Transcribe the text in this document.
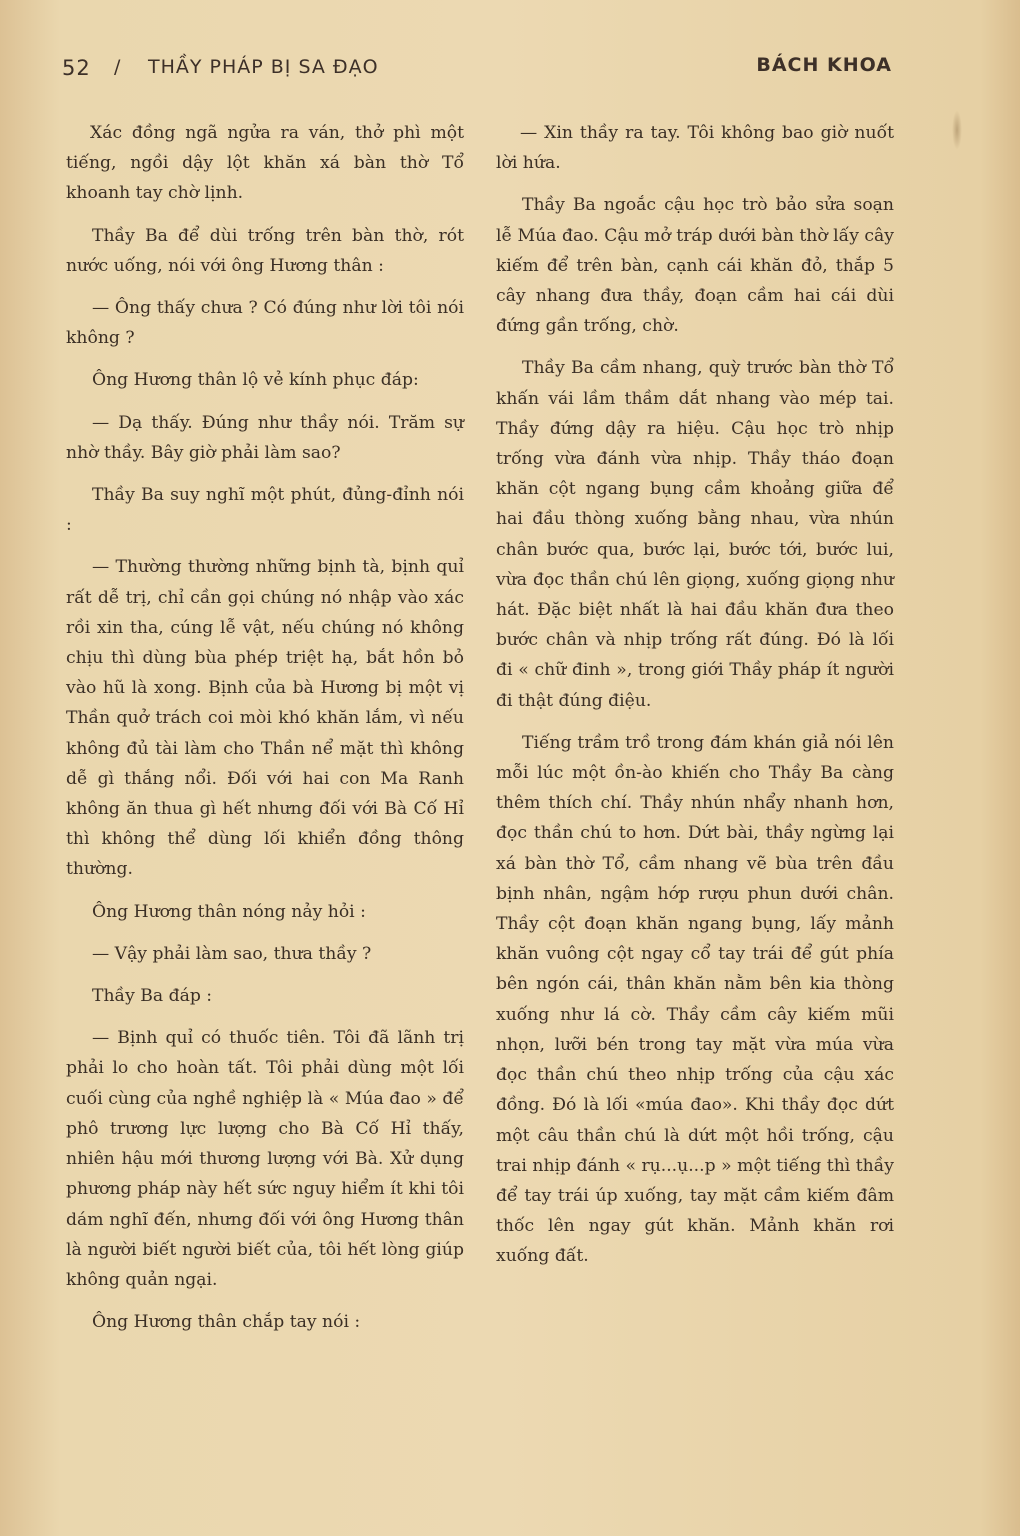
52 / THẦY PHÁP BỊ SA ĐẠO	BÁCH KHOA

Xác đồng ngã ngửa ra ván, thở phì một tiếng, ngồi dậy lột khăn xá bàn thờ Tổ khoanh tay chờ lịnh.

Thầy Ba để dùi trống trên bàn thờ, rót nước uống, nói với ông Hương thân :

— Ông thấy chưa ? Có đúng như lời tôi nói không ?

Ông Hương thân lộ vẻ kính phục đáp:

— Dạ thấy. Đúng như thầy nói. Trăm sự nhờ thầy. Bây giờ phải làm sao?

Thầy Ba suy nghĩ một phút, đủng-đỉnh nói :

— Thường thường những bịnh tà, bịnh quỉ rất dễ trị, chỉ cần gọi chúng nó nhập vào xác rồi xin tha, cúng lễ vật, nếu chúng nó không chịu thì dùng bùa phép triệt hạ, bắt hồn bỏ vào hũ là xong. Bịnh của bà Hương bị một vị Thần quở trách coi mòi khó khăn lắm, vì nếu không đủ tài làm cho Thần nể mặt thì không dễ gì thắng nổi. Đối với hai con Ma Ranh không ăn thua gì hết nhưng đối với Bà Cố Hỉ thì không thể dùng lối khiển đồng thông thường.

Ông Hương thân nóng nảy hỏi :

— Vậy phải làm sao, thưa thầy ?

Thầy Ba đáp :

— Bịnh quỉ có thuốc tiên. Tôi đã lãnh trị phải lo cho hoàn tất. Tôi phải dùng một lối cuối cùng của nghề nghiệp là « Múa đao » để phô trương lực lượng cho Bà Cố Hỉ thấy, nhiên hậu mới thương lượng với Bà. Xử dụng phương pháp này hết sức nguy hiểm ít khi tôi dám nghĩ đến, nhưng đối với ông Hương thân là người biết người biết của, tôi hết lòng giúp không quản ngại.

Ông Hương thân chắp tay nói :

— Xin thầy ra tay. Tôi không bao giờ nuốt lời hứa.

Thầy Ba ngoắc cậu học trò bảo sửa soạn lễ Múa đao. Cậu mở tráp dưới bàn thờ lấy cây kiếm để trên bàn, cạnh cái khăn đỏ, thắp 5 cây nhang đưa thầy, đoạn cầm hai cái dùi đứng gần trống, chờ.

Thầy Ba cầm nhang, quỳ trước bàn thờ Tổ khấn vái lầm thầm dắt nhang vào mép tai. Thầy đứng dậy ra hiệu. Cậu học trò nhịp trống vừa đánh vừa nhịp. Thầy tháo đoạn khăn cột ngang bụng cầm khoảng giữa để hai đầu thòng xuống bằng nhau, vừa nhún chân bước qua, bước lại, bước tới, bước lui, vừa đọc thần chú lên giọng, xuống giọng như hát. Đặc biệt nhất là hai đầu khăn đưa theo bước chân và nhịp trống rất đúng. Đó là lối đi « chữ đinh », trong giới Thầy pháp ít người đi thật đúng điệu.

Tiếng trầm trồ trong đám khán giả nói lên mỗi lúc một ồn-ào khiến cho Thầy Ba càng thêm thích chí. Thầy nhún nhẩy nhanh hơn, đọc thần chú to hơn. Dứt bài, thầy ngừng lại xá bàn thờ Tổ, cầm nhang vẽ bùa trên đầu bịnh nhân, ngậm hớp rượu phun dưới chân. Thầy cột đoạn khăn ngang bụng, lấy mảnh khăn vuông cột ngay cổ tay trái để gút phía bên ngón cái, thân khăn nằm bên kia thòng xuống như lá cờ. Thầy cầm cây kiếm mũi nhọn, lưỡi bén trong tay mặt vừa múa vừa đọc thần chú theo nhịp trống của cậu xác đồng. Đó là lối «múa đao». Khi thầy đọc dứt một câu thần chú là dứt một hồi trống, cậu trai nhịp đánh « rụ...ụ...p » một tiếng thì thầy để tay trái úp xuống, tay mặt cầm kiếm đâm thốc lên ngay gút khăn. Mảnh khăn rơi xuống đất.
